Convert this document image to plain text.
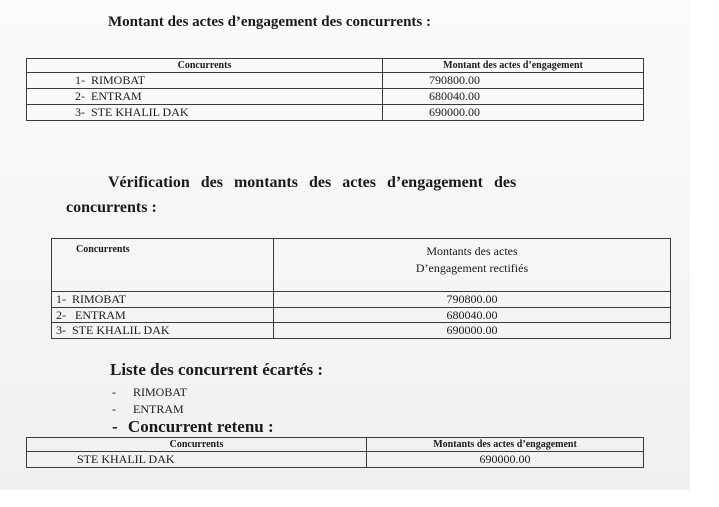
Montant des actes d’engagement des concurrents :
Concurrents	Montant des actes d’engagement
1- RIMOBAT	790800.00
2- ENTRAM	680040.00
3- STE KHALIL DAK	690000.00
Vérification des montants des actes d’engagement des
concurrents :
Concurrents	Montants des actes
D’engagement rectifiés

1- RIMOBAT	790800.00
2- ENTRAM	680040.00
3- STE KHALIL DAK	690000.00
Liste des concurrent écartés :
- RIMOBAT
- ENTRAM
- Concurrent retenu :
Concurrents	Montants des actes d’engagement
STE KHALIL DAK	690000.00
